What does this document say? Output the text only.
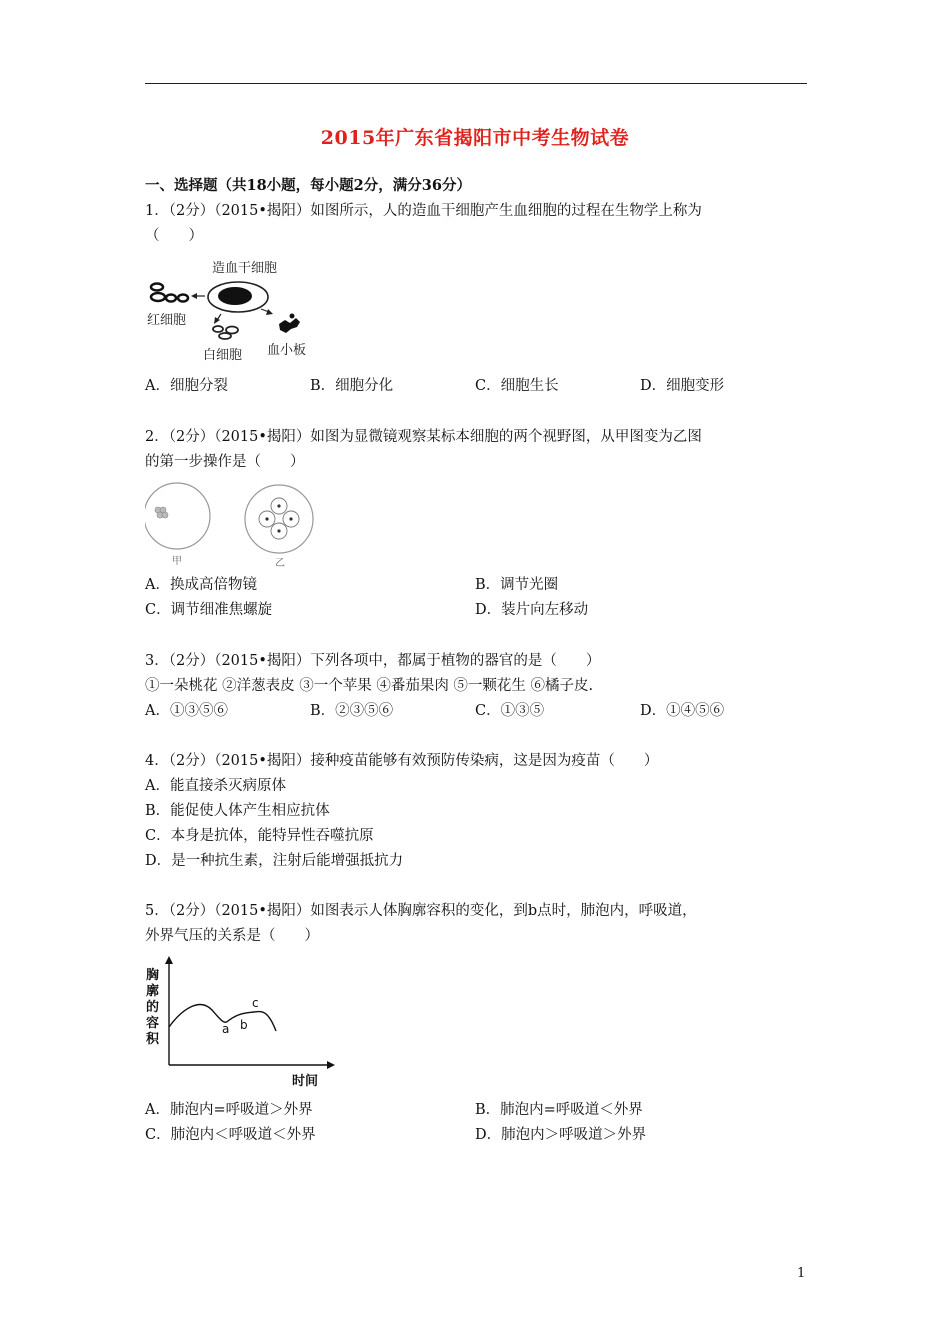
2015年广东省揭阳市中考生物试卷
一、选择题（共18小题，每小题2分，满分36分）
1．（2分）（2015•揭阳）如图所示，人的造血干细胞产生血细胞的过程在生物学上称为
（　　）
造血干细胞
红细胞
白细胞 血小板
A．细胞分裂	B．细胞分化	C．细胞生长	D．细胞变形
2．（2分）（2015•揭阳）如图为显微镜观察某标本细胞的两个视野图，从甲图变为乙图
的第一步操作是（　　）
甲	乙
A．换成高倍物镜	B．调节光圈
C．调节细准焦螺旋	D．装片向左移动
3．（2分）（2015•揭阳）下列各项中，都属于植物的器官的是（　　）
①一朵桃花 ②洋葱表皮 ③一个苹果 ④番茄果肉 ⑤一颗花生 ⑥橘子皮.
A．①③⑤⑥	B．②③⑤⑥	C．①③⑤	D．①④⑤⑥
4．（2分）（2015•揭阳）接种疫苗能够有效预防传染病，这是因为疫苗（　　）
A．能直接杀灭病原体
B．能促使人体产生相应抗体
C．本身是抗体，能特异性吞噬抗原
D．是一种抗生素，注射后能增强抵抗力
5．（2分）（2015•揭阳）如图表示人体胸廓容积的变化，到b点时，肺泡内，呼吸道，
外界气压的关系是（　　）
胸
廓
的
容
积
a b
c
时间
A．肺泡内=呼吸道＞外界	B．肺泡内=呼吸道＜外界
C．肺泡内＜呼吸道＜外界	D．肺泡内＞呼吸道＞外界
1
